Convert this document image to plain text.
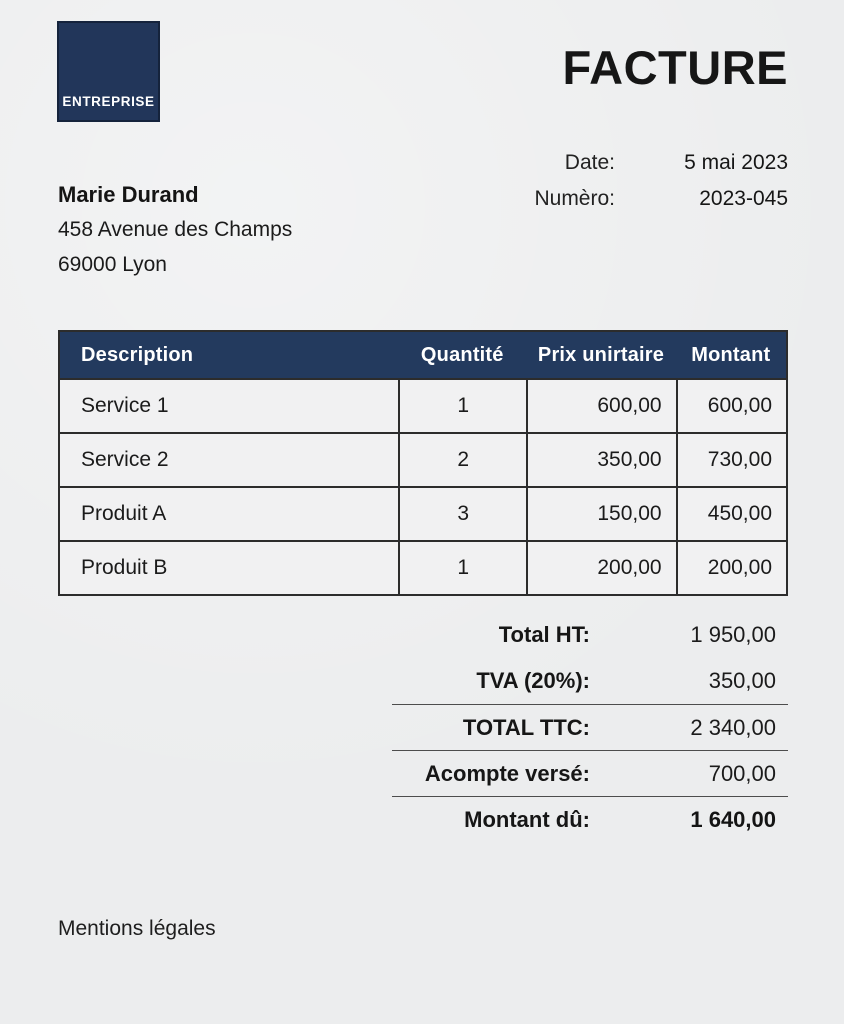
ENTREPRISE
FACTURE
Date:	5 mai 2023
Numèro:	2023-045
Marie Durand
458 Avenue des Champs
69000 Lyon
Description	Quantité	Prix unirtaire	Montant
Service 1	1	600,00	600,00
Service 2	2	350,00	730,00
Produit A	3	150,00	450,00
Produit B	1	200,00	200,00
Total HT:	1 950,00
TVA (20%):	350,00
TOTAL TTC:	2 340,00
Acompte versé:	700,00
Montant dû:	1 640,00
Mentions légales
